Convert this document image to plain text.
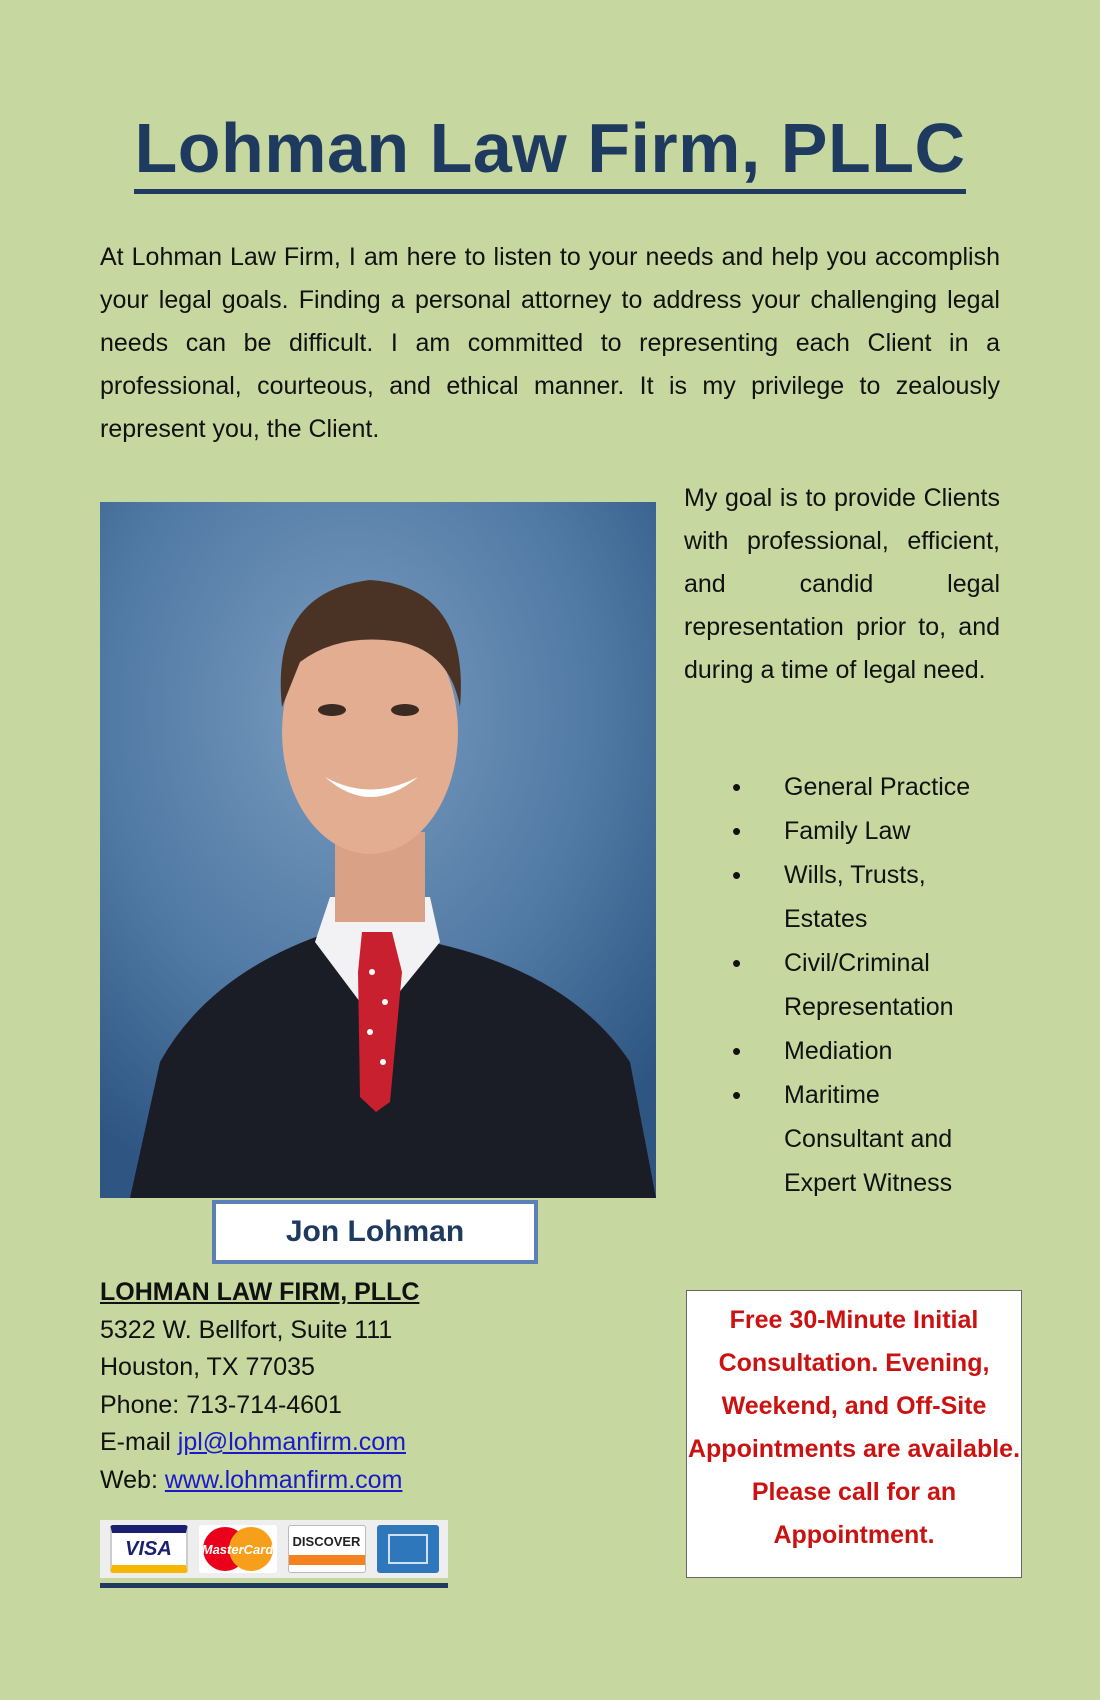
Lohman Law Firm, PLLC
At Lohman Law Firm, I am here to listen to your needs and help you accomplish your legal goals. Finding a personal attorney to address your challenging legal needs can be difficult. I am committed to representing each Client in a professional, courteous, and ethical manner. It is my privilege to zealously represent you, the Client.
My goal is to provide Clients with professional, efficient, and candid legal representation prior to, and during a time of legal need.
• General Practice
• Family Law
• Wills, Trusts, Estates
• Civil/Criminal Representation
• Mediation
• Maritime Consultant and Expert Witness
Jon Lohman
LOHMAN LAW FIRM, PLLC
5322 W. Bellfort, Suite 111
Houston, TX 77035
Phone: 713-714-4601
E-mail jpl@lohmanfirm.com
Web: www.lohmanfirm.com
VISA	MasterCard
DISCOVER
Free 30-Minute Initial Consultation. Evening, Weekend, and Off-Site Appointments are available. Please call for an Appointment.
